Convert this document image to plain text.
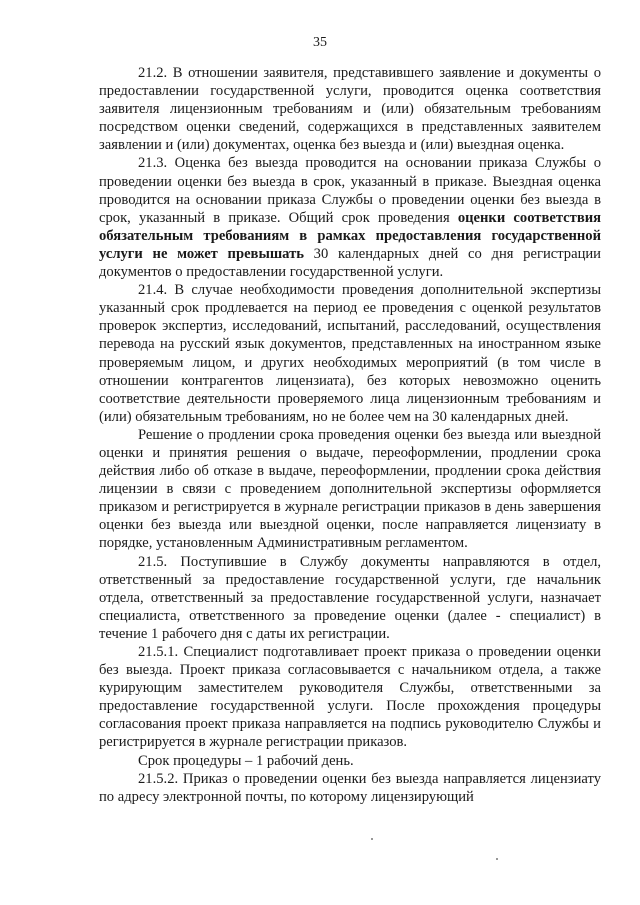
35

21.2. В отношении заявителя, представившего заявление и документы о предоставлении государственной услуги, проводится оценка соответствия заявителя лицензионным требованиям и (или) обязательным требованиям посредством оценки сведений, содержащихся в представленных заявителем заявлении и (или) документах, оценка без выезда и (или) выездная оценка.

21.3. Оценка без выезда проводится на основании приказа Службы о проведении оценки без выезда в срок, указанный в приказе. Выездная оценка проводится на основании приказа Службы о проведении оценки без выезда в срок, указанный в приказе. Общий срок проведения оценки соответствия обязательным требованиям в рамках предоставления государственной услуги не может превышать 30 календарных дней со дня регистрации документов о предоставлении государственной услуги.

21.4. В случае необходимости проведения дополнительной экспертизы указанный срок продлевается на период ее проведения с оценкой результатов проверок экспертиз, исследований, испытаний, расследований, осуществления перевода на русский язык документов, представленных на иностранном языке проверяемым лицом, и других необходимых мероприятий (в том числе в отношении контрагентов лицензиата), без которых невозможно оценить соответствие деятельности проверяемого лица лицензионным требованиям и (или) обязательным требованиям, но не более чем на 30 календарных дней.

Решение о продлении срока проведения оценки без выезда или выездной оценки и принятия решения о выдаче, переоформлении, продлении срока действия либо об отказе в выдаче, переоформлении, продлении срока действия лицензии в связи с проведением дополнительной экспертизы оформляется приказом и регистрируется в журнале регистрации приказов в день завершения оценки без выезда или выездной оценки, после направляется лицензиату в порядке, установленным Административным регламентом.

21.5. Поступившие в Службу документы направляются в отдел, ответственный за предоставление государственной услуги, где начальник отдела, ответственный за предоставление государственной услуги, назначает специалиста, ответственного за проведение оценки (далее - специалист) в течение 1 рабочего дня с даты их регистрации.

21.5.1. Специалист подготавливает проект приказа о проведении оценки без выезда. Проект приказа согласовывается с начальником отдела, а также курирующим заместителем руководителя Службы, ответственными за предоставление государственной услуги. После прохождения процедуры согласования проект приказа направляется на подпись руководителю Службы и регистрируется в журнале регистрации приказов.

Срок процедуры – 1 рабочий день.

21.5.2. Приказ о проведении оценки без выезда направляется лицензиату по адресу электронной почты, по которому лицензирующий
